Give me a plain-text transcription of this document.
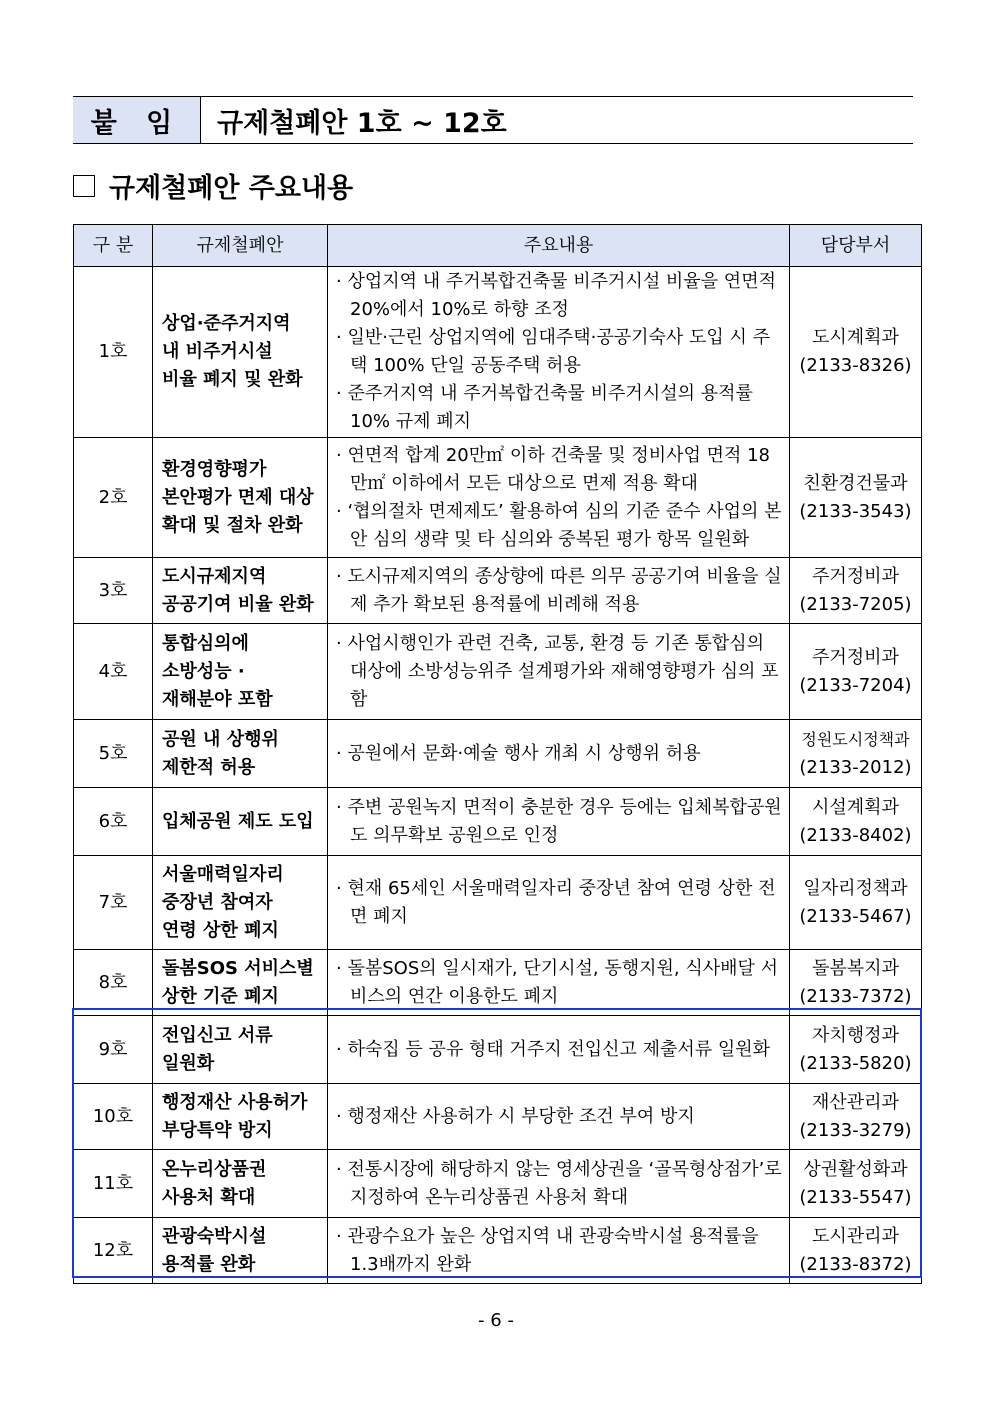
붙 임	규제철폐안 1호 ~ 12호
규제철폐안 주요내용
구 분	규제철폐안	주요내용	담당부서
1호	상업·준주거지역
내 비주거시설
비율 폐지 및 완화	· 상업지역 내 주거복합건축물 비주거시설 비율을 연면적 20%에서 10%로 하향 조정
· 일반·근린 상업지역에 임대주택·공공기숙사 도입 시 주택 100% 단일 공동주택 허용
· 준주거지역 내 주거복합건축물 비주거시설의 용적률 10% 규제 폐지	도시계획과
(2133-8326)

2호	환경영향평가
본안평가 면제 대상
확대 및 절차 완화	· 연면적 합계 20만㎡ 이하 건축물 및 정비사업 면적 18만㎡ 이하에서 모든 대상으로 면제 적용 확대
· ‘협의절차 면제제도’ 활용하여 심의 기준 준수 사업의 본안 심의 생략 및 타 심의와 중복된 평가 항목 일원화	친환경건물과
(2133-3543)

3호	도시규제지역
공공기여 비율 완화	· 도시규제지역의 종상향에 따른 의무 공공기여 비율을 실제 추가 확보된 용적률에 비례해 적용	주거정비과
(2133-7205)

4호	통합심의에
소방성능 ·
재해분야 포함	· 사업시행인가 관련 건축, 교통, 환경 등 기존 통합심의 대상에 소방성능위주 설계평가와 재해영향평가 심의 포함	주거정비과
(2133-7204)

5호	공원 내 상행위
제한적 허용	· 공원에서 문화·예술 행사 개최 시 상행위 허용	정원도시정책과
(2133-2012)

6호	입체공원 제도 도입	· 주변 공원녹지 면적이 충분한 경우 등에는 입체복합공원도 의무확보 공원으로 인정	시설계획과
(2133-8402)

7호	서울매력일자리
중장년 참여자
연령 상한 폐지	· 현재 65세인 서울매력일자리 중장년 참여 연령 상한 전면 폐지	일자리정책과
(2133-5467)

8호	돌봄SOS 서비스별
상한 기준 폐지	· 돌봄SOS의 일시재가, 단기시설, 동행지원, 식사배달 서비스의 연간 이용한도 폐지	돌봄복지과
(2133-7372)

9호	전입신고 서류
일원화	· 하숙집 등 공유 형태 거주지 전입신고 제출서류 일원화	자치행정과
(2133-5820)

10호	행정재산 사용허가
부당특약 방지	· 행정재산 사용허가 시 부당한 조건 부여 방지	재산관리과
(2133-3279)

11호	온누리상품권
사용처 확대	· 전통시장에 해당하지 않는 영세상권을 ‘골목형상점가’로 지정하여 온누리상품권 사용처 확대	상권활성화과
(2133-5547)

12호	관광숙박시설
용적률 완화	· 관광수요가 높은 상업지역 내 관광숙박시설 용적률을 1.3배까지 완화	도시관리과
(2133-8372)
- 6 -
